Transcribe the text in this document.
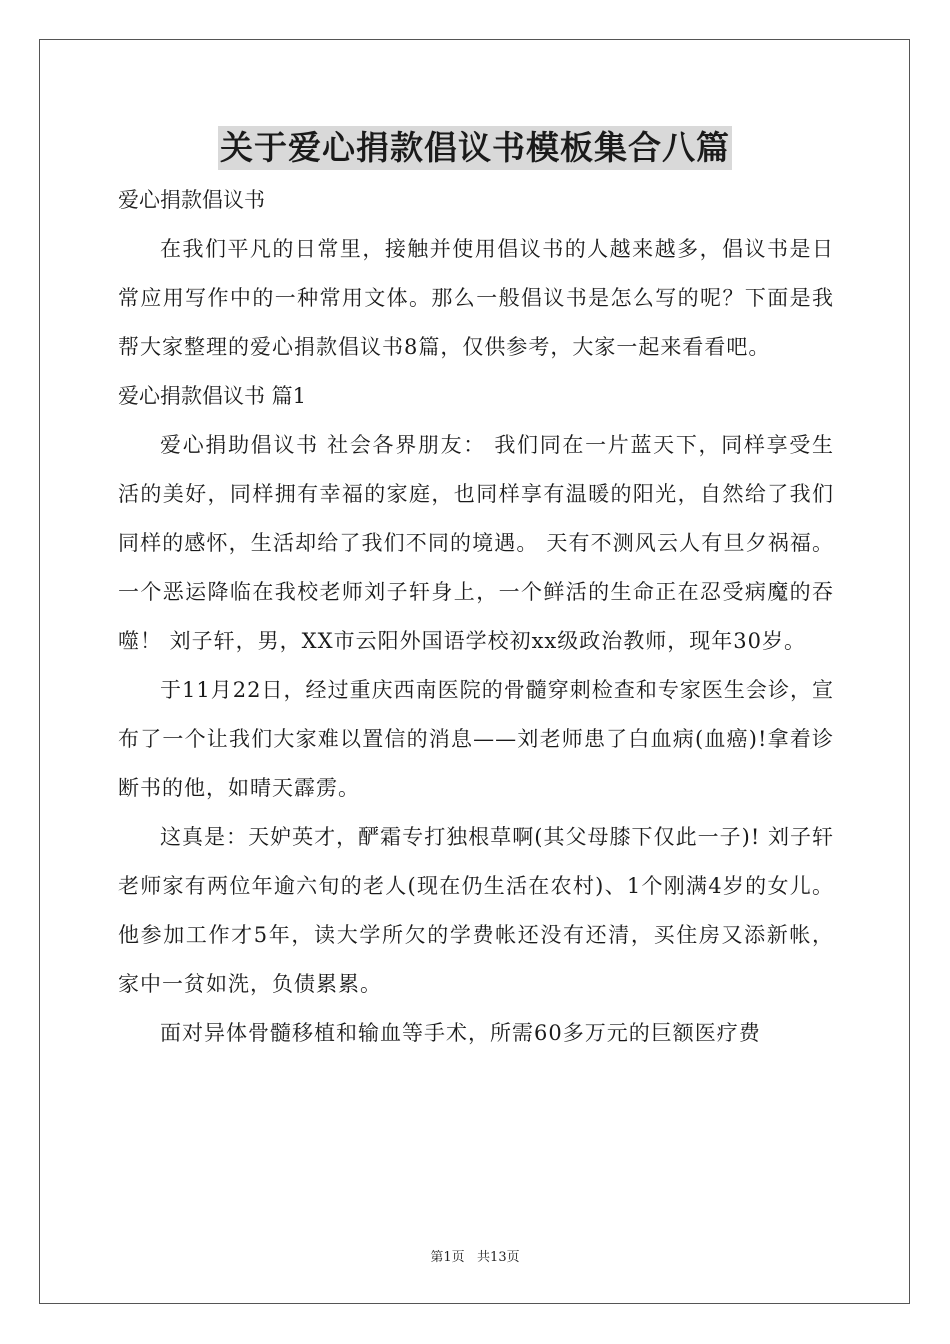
关于爱心捐款倡议书模板集合八篇

爱心捐款倡议书

在我们平凡的日常里，接触并使用倡议书的人越来越多，倡议书是日常应用写作中的一种常用文体。那么一般倡议书是怎么写的呢？下面是我帮大家整理的爱心捐款倡议书8篇，仅供参考，大家一起来看看吧。

爱心捐款倡议书 篇1

爱心捐助倡议书 社会各界朋友： 我们同在一片蓝天下，同样享受生活的美好，同样拥有幸福的家庭，也同样享有温暖的阳光，自然给了我们同样的感怀，生活却给了我们不同的境遇。 天有不测风云人有旦夕祸福。一个恶运降临在我校老师刘子轩身上，一个鲜活的生命正在忍受病魔的吞噬！ 刘子轩，男，XX市云阳外国语学校初xx级政治教师，现年30岁。

于11月22日，经过重庆西南医院的骨髓穿刺检查和专家医生会诊，宣布了一个让我们大家难以置信的消息——刘老师患了白血病(血癌)!拿着诊断书的他，如晴天霹雳。

这真是：天妒英才，酽霜专打独根草啊(其父母膝下仅此一子)! 刘子轩老师家有两位年逾六旬的老人(现在仍生活在农村)、1个刚满4岁的女儿。他参加工作才5年，读大学所欠的学费帐还没有还清，买住房又添新帐，家中一贫如洗，负债累累。

面对异体骨髓移植和输血等手术，所需60多万元的巨额医疗费

第1页   共13页
